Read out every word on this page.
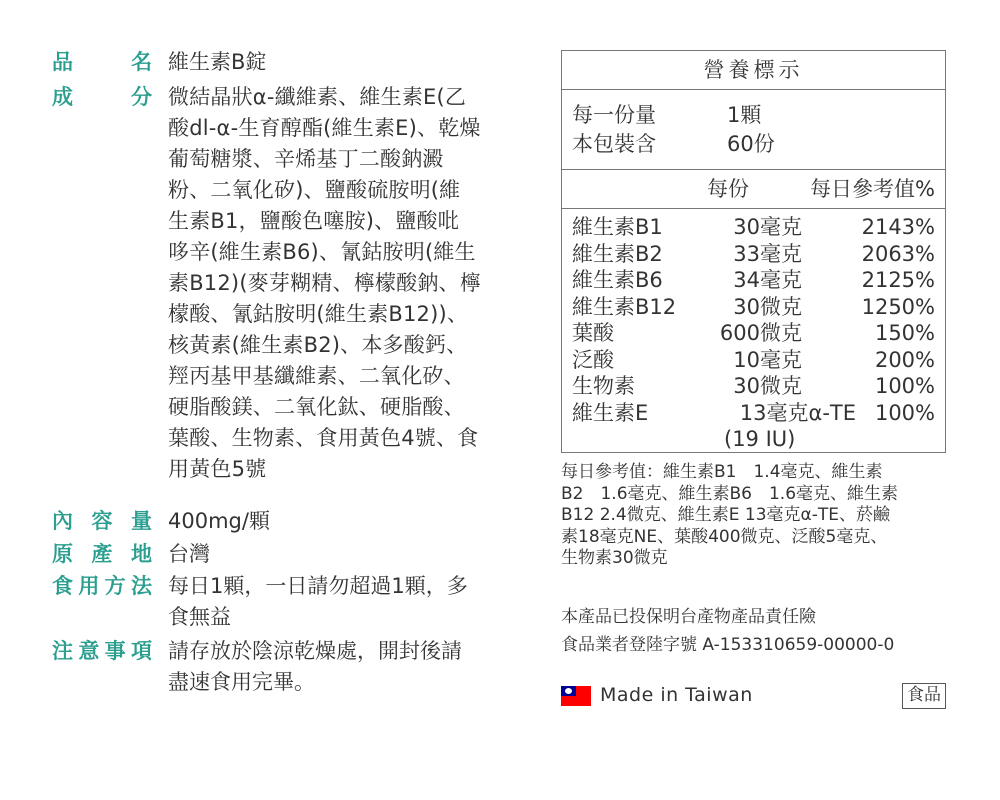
品	名 維生素B錠
成	分 微結晶狀α-纖維素、維生素E(乙
酸dl-α-生育醇酯(維生素E)、乾燥
葡萄糖漿、辛烯基丁二酸鈉澱
粉、二氧化矽)、鹽酸硫胺明(維
生素B1，鹽酸色噻胺)、鹽酸吡
哆辛(維生素B6)、氰鈷胺明(維生
素B12)(麥芽糊精、檸檬酸鈉、檸
檬酸、氰鈷胺明(維生素B12))、
核黃素(維生素B2)、本多酸鈣、
羥丙基甲基纖維素、二氧化矽、
硬脂酸鎂、二氧化鈦、硬脂酸、
葉酸、生物素、食用黃色4號、食
用黃色5號
內 容 量 400mg/顆
原 產 地 台灣
食 用 方 法 每日1顆，一日請勿超過1顆，多
食無益
注 意 事 項 請存放於陰涼乾燥處，開封後請
盡速食用完畢。
營養標示
每一份量	1顆
本包裝含	60份
每份	每日參考值%
維生素B1	30毫克	2143%
維生素B2	33毫克	2063%
維生素B6	34毫克	2125%
維生素B12	30微克	1250%
葉酸	600微克	150%
泛酸	10毫克	200%
生物素	30微克	100%
維生素E	13毫克α-TE 100%
(19 IU)
每日參考值：維生素B1　1.4毫克、維生素
B2　1.6毫克、維生素B6　1.6毫克、維生素
B12 2.4微克、維生素E 13毫克α-TE、菸鹼
素18毫克NE、葉酸400微克、泛酸5毫克、
生物素30微克
本產品已投保明台產物產品責任險
食品業者登陸字號 A-153310659-00000-0
Made in Taiwan	食品
